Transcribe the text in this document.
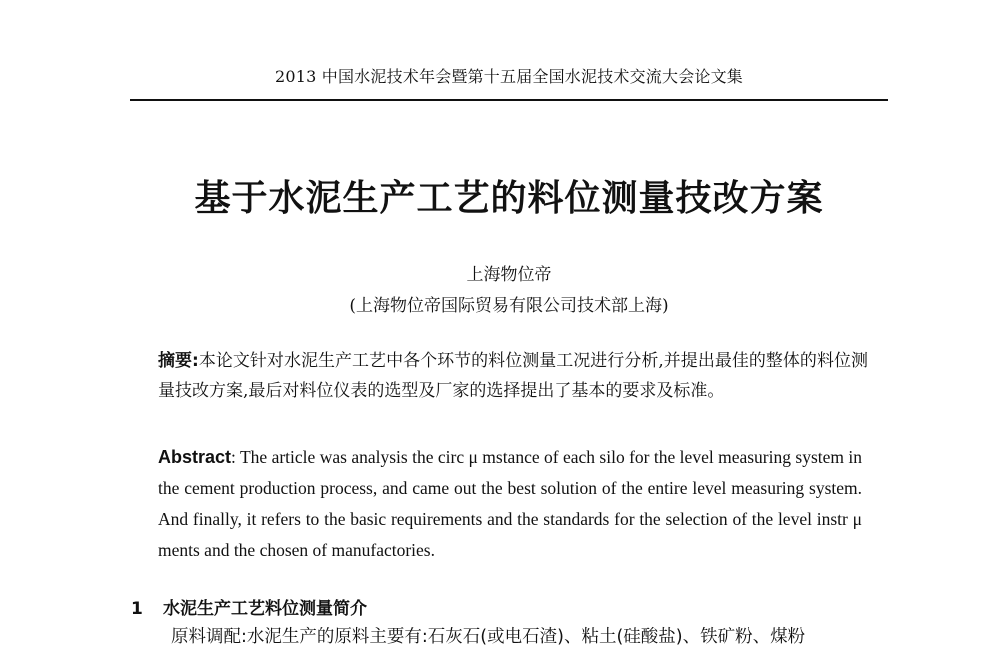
2013 中国水泥技术年会暨第十五届全国水泥技术交流大会论文集
基于水泥生产工艺的料位测量技改方案
上海物位帝
(上海物位帝国际贸易有限公司技术部上海)
摘要:本论文针对水泥生产工艺中各个环节的料位测量工况进行分析,并提出最佳的整体的料位测量技改方案,最后对料位仪表的选型及厂家的选择提出了基本的要求及标准。
Abstract: The article was analysis the circ μ mstance of each silo for the level measuring system in the cement production process, and came out the best solution of the entire level measuring system. And finally, it refers to the basic requirements and the standards for the selection of the level instr μ ments and the chosen of manufactories.
1 水泥生产工艺料位测量简介
原料调配:水泥生产的原料主要有:石灰石(或电石渣)、粘土(硅酸盐)、铁矿粉、煤粉
